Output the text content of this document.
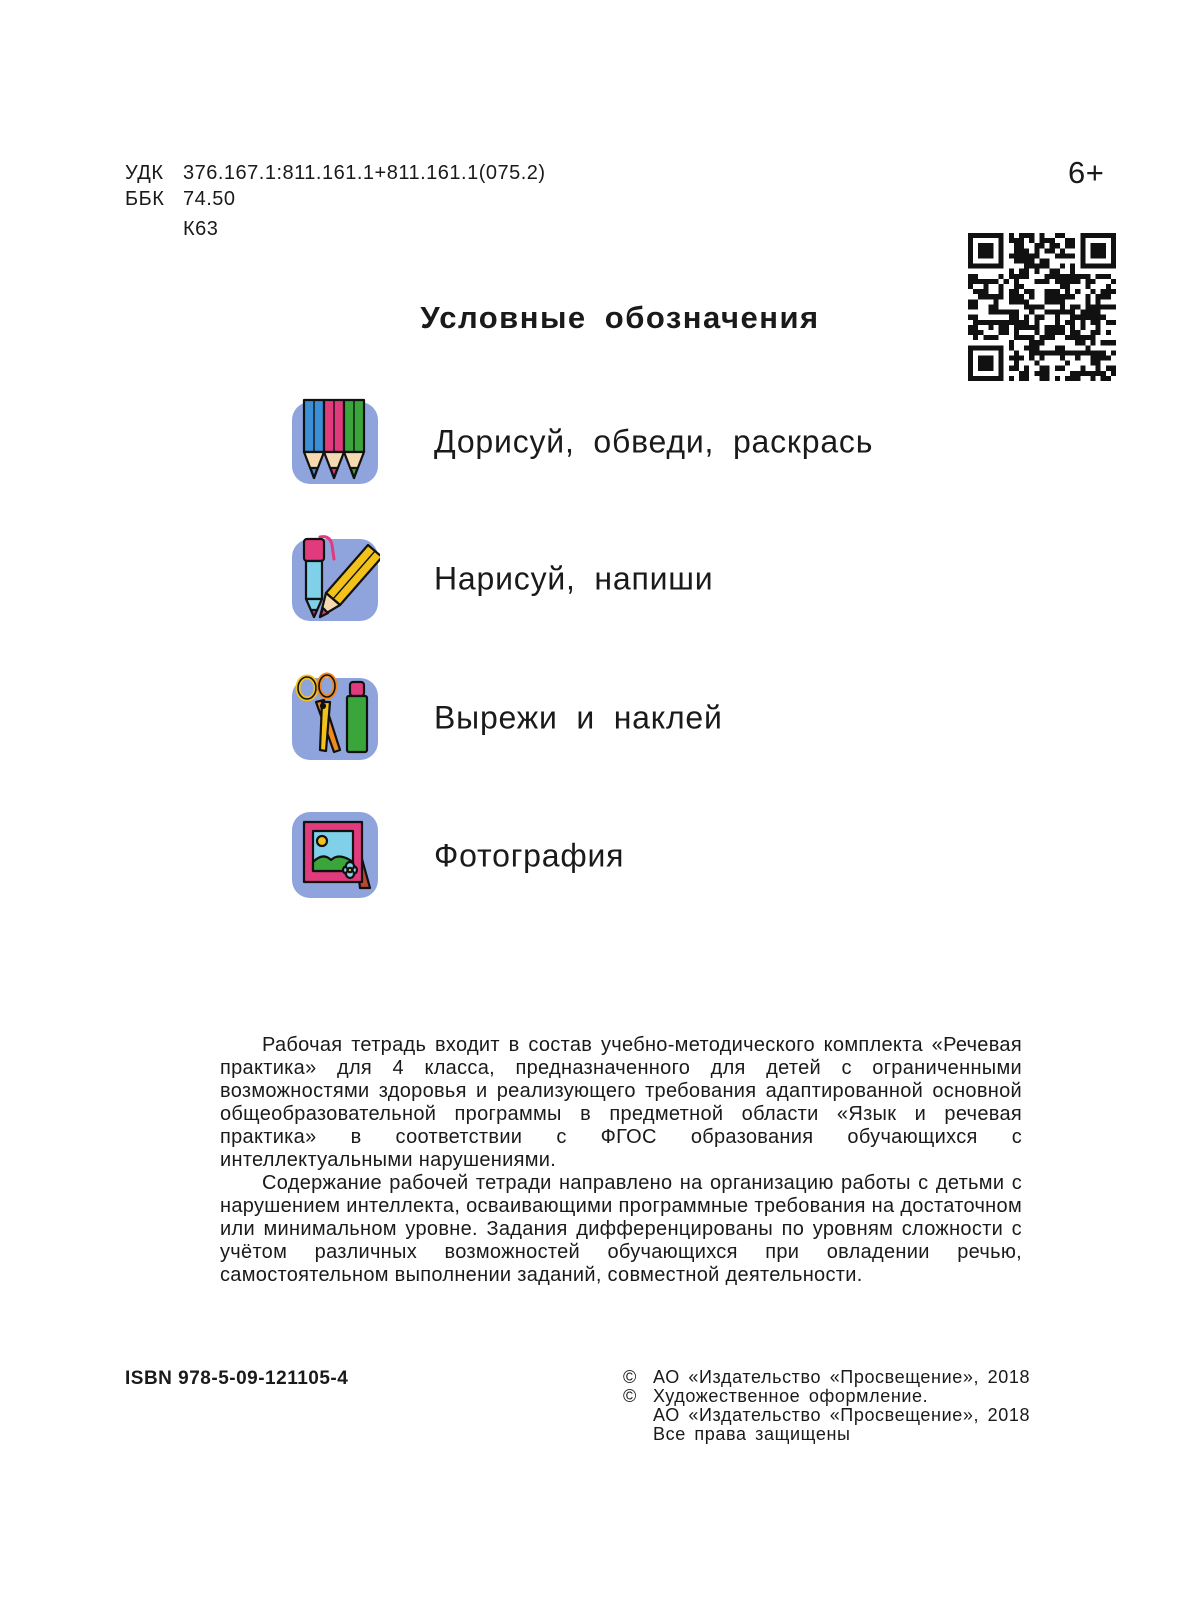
УДК 376.167.1:811.161.1+811.161.1(075.2)
ББК 74.50
К63
6+
Условные обозначения
Дорисуй, обведи, раскрась
Нарисуй, напиши
Вырежи и наклей
Фотография

Рабочая тетрадь входит в состав учебно-методического комплекта «Речевая практика» для 4 класса, предназначенного для детей с ограниченными возможностями здоровья и реализующего требования адаптированной основной общеобразовательной программы в предметной области «Язык и речевая практика» в соответствии с ФГОС образования обучающихся с интеллектуальными нарушениями.

Содержание рабочей тетради направлено на организацию работы с детьми с нарушением интеллекта, осваивающими программные требования на достаточном или минимальном уровне. Задания дифференцированы по уровням сложности с учётом различных возможностей обучающихся при овладении речью, самостоятельном выполнении заданий, совместной деятельности.

ISBN 978-5-09-121105-4	© АО «Издательство «Просвещение», 2018
© Художественное оформление.
АО «Издательство «Просвещение», 2018
Все права защищены
